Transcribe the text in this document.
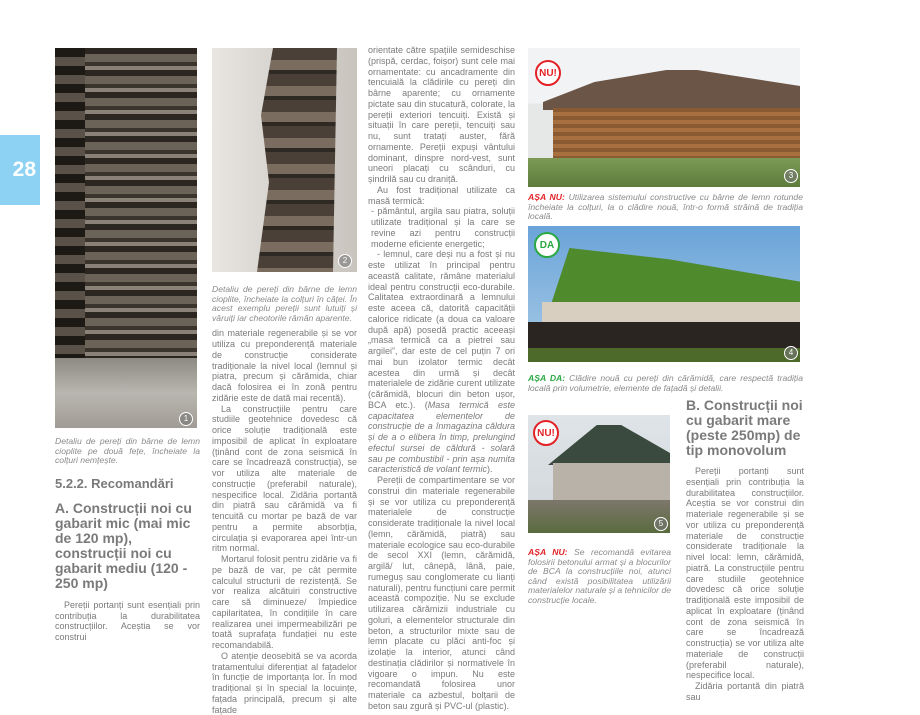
28
1
Detaliu de pereți din bârne de lemn cioplite pe două fețe, încheiate la colțuri nemțește.
5.2.2. Recomandări
A. Construcții noi cu gabarit mic (mai mic de 120 mp), construcții noi cu gabarit mediu (120 - 250 mp)

Pereții portanți sunt esențiali prin contribuția la durabilitatea construcțiilor. Aceștia se vor construi

2
Detaliu de pereți din bârne de lemn cioplite, încheiate la colțuri în căței. În acest exemplu pereții sunt lutuiți și văruiți iar cheotorile rămân aparente.

din materiale regenerabile și se vor utiliza cu preponderență materiale de construcție considerate tradiționale la nivel local (lemnul și piatra, precum și cărămida, chiar dacă folosirea ei în zonă pentru zidărie este de dată mai recentă).

La construcțiile pentru care studiile geotehnice dovedesc că orice soluție tradițională este imposibil de aplicat în exploatare (ținând cont de zona seismică în care se încadrează construcția), se vor utiliza alte materiale de construcție (preferabil naturale), nespecifice local. Zidăria portantă din piatră sau cărămidă va fi tencuită cu mortar pe bază de var pentru a permite absorbția, circulația și evaporarea apei într-un ritm normal.

Mortarul folosit pentru zidărie va fi pe bază de var, pe cât permite calculul structurii de rezistență. Se vor realiza alcătuiri constructive care să diminueze/ împiedice capilaritatea, în condițiile în care realizarea unei impermeabilizări pe toată suprafața fundației nu este recomandabilă.

O atenție deosebită se va acorda tratamentului diferențiat al fațadelor în funcție de importanța lor. În mod tradițional și în special la locuințe, fațada principală, precum și alte fațade

orientate către spațiile semideschise (prispă, cerdac, foișor) sunt cele mai ornamentate: cu ancadramente din tencuială la clădirile cu pereți din bârne aparente; cu ornamente pictate sau din stucatură, colorate, la pereții exteriori tencuiți. Există și situații în care pereții, tencuiți sau nu, sunt tratați auster, fără ornamente. Pereții expuși vântului dominant, dinspre nord-vest, sunt uneori placați cu scânduri, cu șindrilă sau cu draniță.

Au fost tradițional utilizate ca masă termică:

- pământul, argila sau piatra, soluții utilizate tradițional și la care se revine azi pentru construcții moderne eficiente energetic;

- lemnul, care deși nu a fost și nu este utilizat în principal pentru această calitate, rămâne materialul ideal pentru construcții eco-durabile. Calitatea extraordinară a lemnului este aceea că, datorită capacității calorice ridicate (a doua ca valoare după apă) posedă practic aceeași „masa termică ca a pietrei sau argilei”, dar este de cel puțin 7 ori mai bun izolator termic decât acestea din urmă și decât materialele de zidărie curent utilizate (cărămidă, blocuri din beton ușor, BCA etc.). (Masa termică este capacitatea elementelor de construcție de a înmagazina căldura și de a o elibera în timp, prelungind efectul sursei de căldură - solară sau pe combustibil - prin așa numita caracteristică de volant termic).

Pereții de compartimentare se vor construi din materiale regenerabile și se vor utiliza cu preponderență materialele de construcție considerate tradiționale la nivel local (lemn, cărămidă, piatră) sau materiale ecologice sau eco-durabile de secol XXI (lemn, cărămidă, argilă/ lut, cânepă, lână, paie, rumeguș sau conglomerate cu lianți naturali), pentru funcțiuni care permit această compoziție. Nu se exclude utilizarea cărămizii industriale cu goluri, a elementelor structurale din beton, a structurilor mixte sau de lemn placate cu plăci anti-foc și izolație la interior, atunci când destinația clădirilor și normativele în vigoare o impun. Nu este recomandată folosirea unor materiale ca azbestul, bolțarii de beton sau zgură și PVC-ul (plastic).

NU!
3
AȘA NU: Utilizarea sistemului constructive cu bârne de lemn rotunde încheiate la colțuri, la o clădire nouă, într-o formă străină de tradiția locală.
DA
4
AȘA DA: Clădire nouă cu pereți din cărămidă, care respectă tradiția locală prin volumetrie, elemente de fațadă și detalii.
NU!
5
AȘA NU: Se recomandă evitarea folosirii betonului armat și a blocurilor de BCA la construcțiile noi, atunci când există posibilitatea utilizării materialelor naturale și a tehnicilor de construcție locale.
B. Construcții noi cu gabarit mare (peste 250mp) de tip monovolum

Pereții portanți sunt esențiali prin contribuția la durabilitatea construcțiilor. Aceștia se vor construi din materiale regenerabile și se vor utiliza cu preponderență materiale de construcție considerate tradiționale la nivel local: lemn, cărămidă, piatră. La construcțiile pentru care studiile geotehnice dovedesc că orice soluție tradițională este imposibil de aplicat în exploatare (ținând cont de zona seismică în care se încadrează construcția) se vor utiliza alte materiale de construcții (preferabil naturale), nespecifice local.

Zidăria portantă din piatră sau
